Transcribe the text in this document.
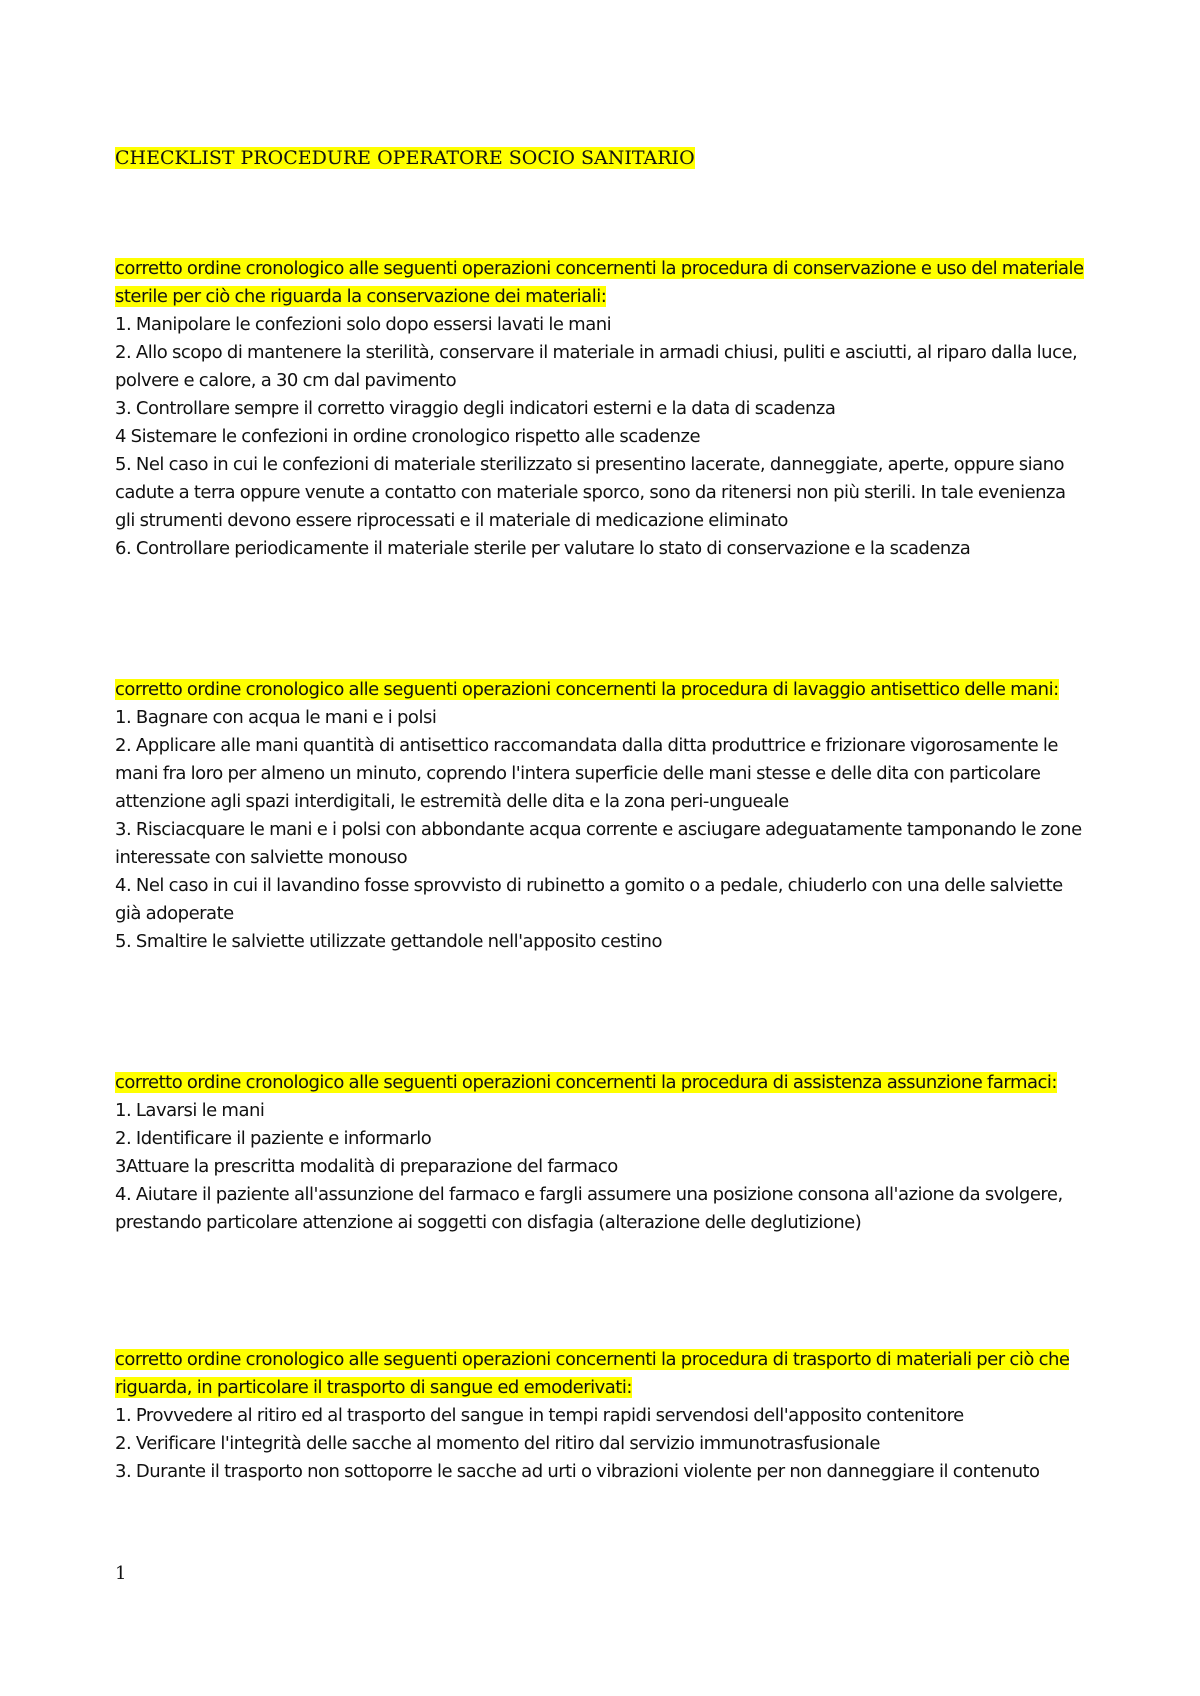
CHECKLIST PROCEDURE OPERATORE SOCIO SANITARIO

corretto ordine cronologico alle seguenti operazioni concernenti la procedura di conservazione e uso del materiale sterile per ciò che riguarda la conservazione dei materiali:

1. Manipolare le confezioni solo dopo essersi lavati le mani
2. Allo scopo di mantenere la sterilità, conservare il materiale in armadi chiusi, puliti e asciutti, al riparo dalla luce, polvere e calore, a 30 cm dal pavimento
3. Controllare sempre il corretto viraggio degli indicatori esterni e la data di scadenza
4 Sistemare le confezioni in ordine cronologico rispetto alle scadenze
5. Nel caso in cui le confezioni di materiale sterilizzato si presentino lacerate, danneggiate, aperte, oppure siano cadute a terra oppure venute a contatto con materiale sporco, sono da ritenersi non più sterili. In tale evenienza gli strumenti devono essere riprocessati e il materiale di medicazione eliminato
6. Controllare periodicamente il materiale sterile per valutare lo stato di conservazione e la scadenza

corretto ordine cronologico alle seguenti operazioni concernenti la procedura di lavaggio antisettico delle mani:

1. Bagnare con acqua le mani e i polsi
2. Applicare alle mani quantità di antisettico raccomandata dalla ditta produttrice e frizionare vigorosamente le mani fra loro per almeno un minuto, coprendo l'intera superficie delle mani stesse e delle dita con particolare attenzione agli spazi interdigitali, le estremità delle dita e la zona peri-ungueale
3. Risciacquare le mani e i polsi con abbondante acqua corrente e asciugare adeguatamente tamponando le zone interessate con salviette monouso
4. Nel caso in cui il lavandino fosse sprovvisto di rubinetto a gomito o a pedale, chiuderlo con una delle salviette già adoperate
5. Smaltire le salviette utilizzate gettandole nell'apposito cestino

corretto ordine cronologico alle seguenti operazioni concernenti la procedura di assistenza assunzione farmaci:

1. Lavarsi le mani
2. Identificare il paziente e informarlo
3Attuare la prescritta modalità di preparazione del farmaco
4. Aiutare il paziente all'assunzione del farmaco e fargli assumere una posizione consona all'azione da svolgere, prestando particolare attenzione ai soggetti con disfagia (alterazione delle deglutizione)

corretto ordine cronologico alle seguenti operazioni concernenti la procedura di trasporto di materiali per ciò che riguarda, in particolare il trasporto di sangue ed emoderivati:

1. Provvedere al ritiro ed al trasporto del sangue in tempi rapidi servendosi dell'apposito contenitore
2. Verificare l'integrità delle sacche al momento del ritiro dal servizio immunotrasfusionale
3. Durante il trasporto non sottoporre le sacche ad urti o vibrazioni violente per non danneggiare il contenuto
1
